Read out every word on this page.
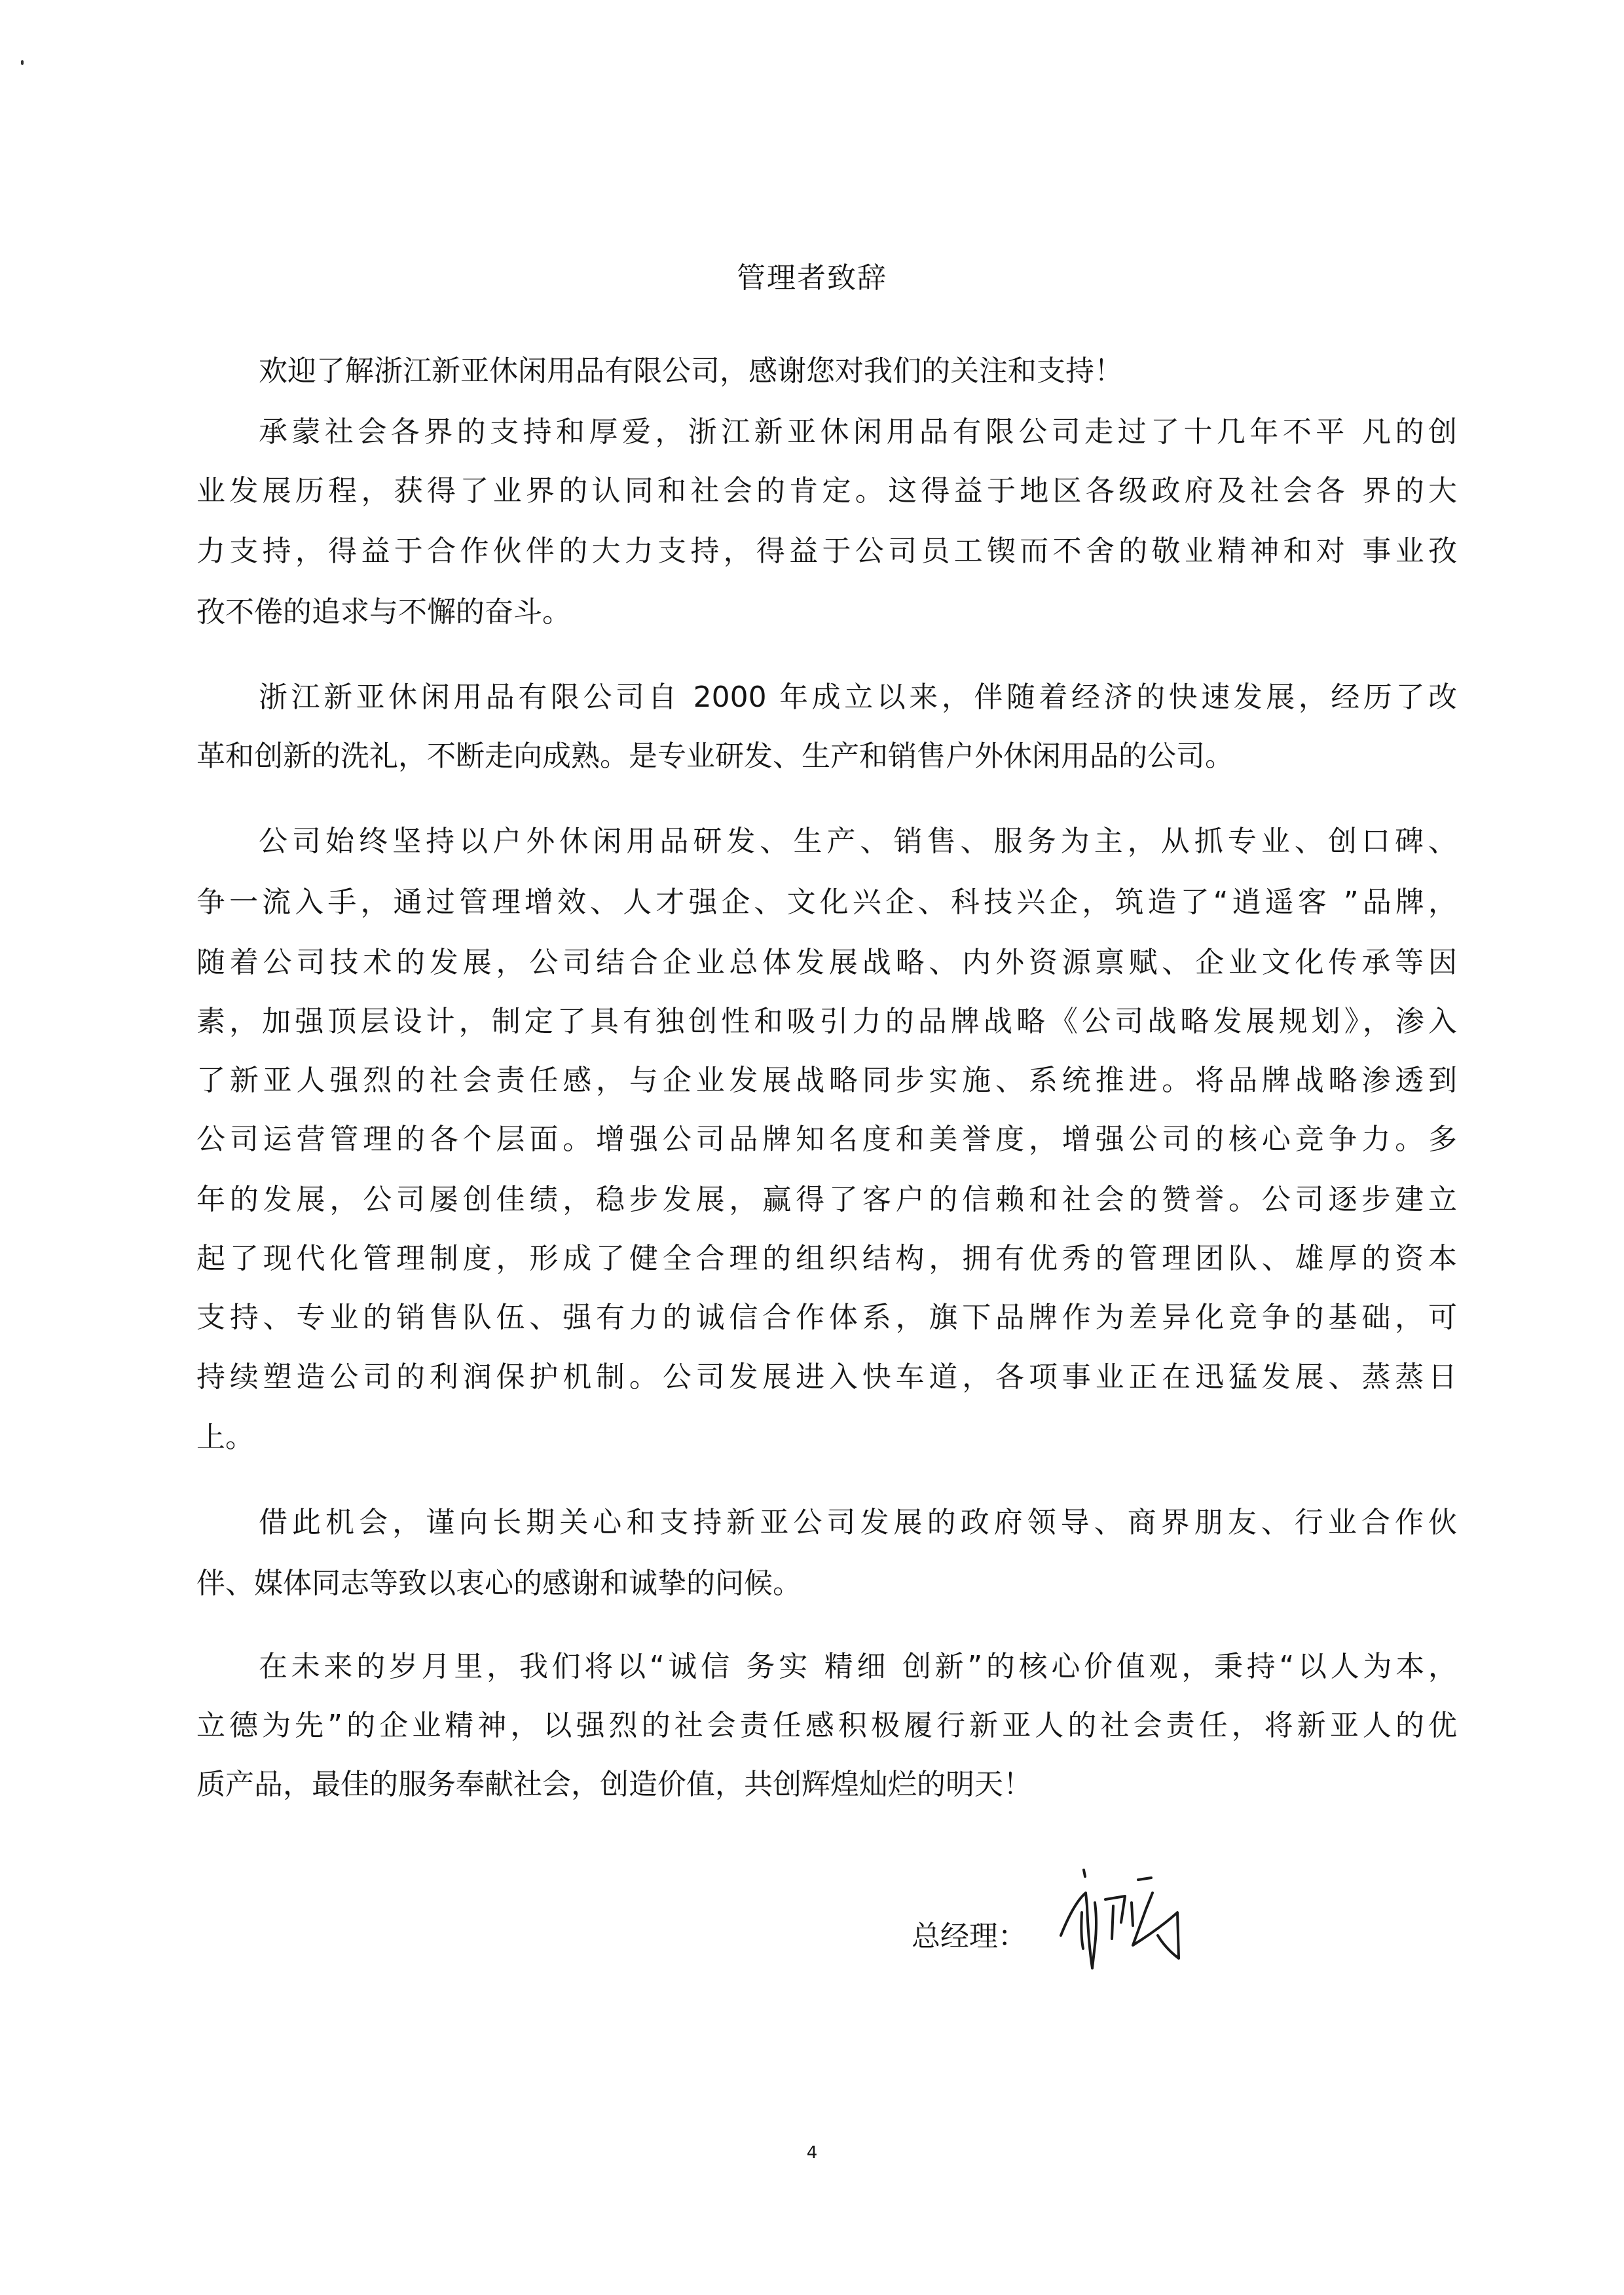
管理者致辞
欢迎了解浙江新亚休闲用品有限公司，感谢您对我们的关注和支持！
承蒙社会各界的支持和厚爱，浙江新亚休闲用品有限公司走过了十几年不平 凡的创
业发展历程，获得了业界的认同和社会的肯定。这得益于地区各级政府及社会各 界的大
力支持，得益于合作伙伴的大力支持，得益于公司员工锲而不舍的敬业精神和对 事业孜
孜不倦的追求与不懈的奋斗。
浙江新亚休闲用品有限公司自 2000 年成立以来，伴随着经济的快速发展，经历了改
革和创新的洗礼，不断走向成熟。是专业研发、生产和销售户外休闲用品的公司。
公司始终坚持以户外休闲用品研发、生产、销售、服务为主，从抓专业、创口碑、
争一流入手，通过管理增效、人才强企、文化兴企、科技兴企，筑造了“逍遥客 ”品牌，
随着公司技术的发展，公司结合企业总体发展战略、内外资源禀赋、企业文化传承等因
素，加强顶层设计，制定了具有独创性和吸引力的品牌战略《公司战略发展规划》，渗入
了新亚人强烈的社会责任感，与企业发展战略同步实施、系统推进。将品牌战略渗透到
公司运营管理的各个层面。增强公司品牌知名度和美誉度，增强公司的核心竞争力。多
年的发展，公司屡创佳绩，稳步发展，赢得了客户的信赖和社会的赞誉。公司逐步建立
起了现代化管理制度，形成了健全合理的组织结构，拥有优秀的管理团队、雄厚的资本
支持、专业的销售队伍、强有力的诚信合作体系，旗下品牌作为差异化竞争的基础，可
持续塑造公司的利润保护机制。公司发展进入快车道，各项事业正在迅猛发展、蒸蒸日
上。
借此机会，谨向长期关心和支持新亚公司发展的政府领导、商界朋友、行业合作伙
伴、媒体同志等致以衷心的感谢和诚挚的问候。
在未来的岁月里，我们将以“诚信 务实 精细 创新”的核心价值观，秉持“以人为本，
立德为先”的企业精神，以强烈的社会责任感积极履行新亚人的社会责任，将新亚人的优
质产品，最佳的服务奉献社会，创造价值，共创辉煌灿烂的明天！
总经理：
4
